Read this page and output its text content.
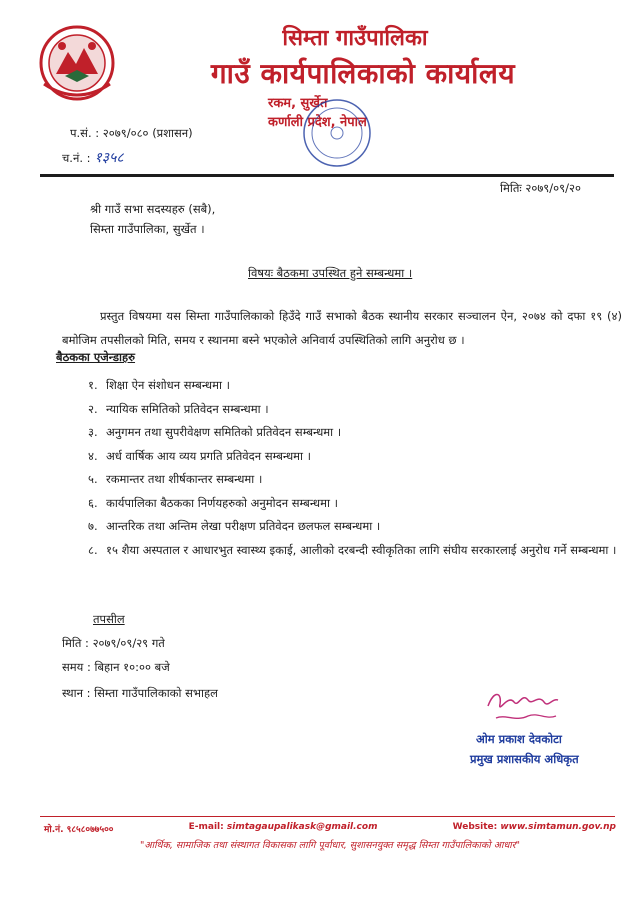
सिम्ता गाउँपालिका
गाउँ कार्यपालिकाको कार्यालय
रकम, सुर्खेत
कर्णाली प्रदेश, नेपाल
प.सं. : २०७९/०८० (प्रशासन)
च.नं. : १३५८
मितिः २०७९/०९/२०
श्री गाउँ सभा सदस्यहरु (सबै),
सिम्ता गाउँपालिका, सुर्खेत ।
विषयः बैठकमा उपस्थित हुने सम्बन्धमा ।
प्रस्तुत विषयमा यस सिम्ता गाउँपालिकाको हिउँदे गाउँ सभाको बैठक स्थानीय सरकार सञ्चालन ऐन, २०७४ को दफा १९ (४) बमोजिम तपसीलको मिति, समय र स्थानमा बस्ने भएकोले अनिवार्य उपस्थितिको लागि अनुरोध छ ।
बैठकका एजेन्डाहरु
१. शिक्षा ऐन संशोधन सम्बन्धमा ।
२. न्यायिक समितिको प्रतिवेदन सम्बन्धमा ।
३. अनुगमन तथा सुपरीवेक्षण समितिको प्रतिवेदन सम्बन्धमा ।
४. अर्ध वार्षिक आय व्यय प्रगति प्रतिवेदन सम्बन्धमा ।
५. रकमान्तर तथा शीर्षकान्तर सम्बन्धमा ।
६. कार्यपालिका बैठकका निर्णयहरुको अनुमोदन सम्बन्धमा ।
७. आन्तरिक तथा अन्तिम लेखा परीक्षण प्रतिवेदन छलफल सम्बन्धमा ।
८. १५ शैया अस्पताल र आधारभुत स्वास्थ्य इकाई, आलीको दरबन्दी स्वीकृतिका लागि संघीय सरकारलाई अनुरोध गर्ने सम्बन्धमा ।
तपसील
मिति : २०७९/०९/२९ गते
समय : बिहान १०:०० बजे
स्थान : सिम्ता गाउँपालिकाको सभाहल
ओम प्रकाश देवकोटा
प्रमुख प्रशासकीय अधिकृत
मो.नं. ९८५८०७७५००	E-mail: simtagaupalikask@gmail.com	Website: www.simtamun.gov.np
"आर्थिक, सामाजिक तथा संस्थागत विकासका लागि पूर्वाधार, सुशासनयुक्त समृद्ध सिम्ता गाउँपालिकाको आधार"
